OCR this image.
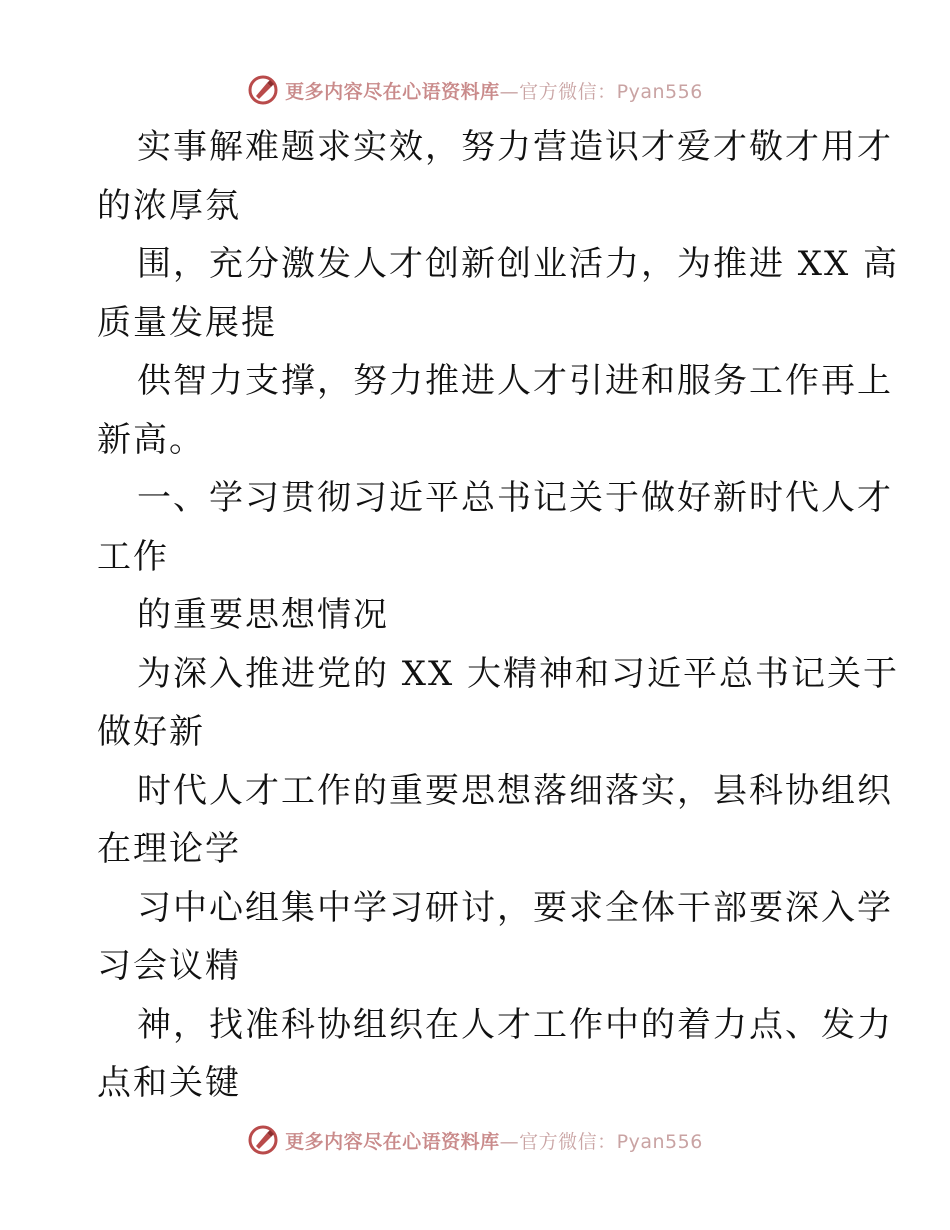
更多内容尽在心语资料库—官方微信：Pyan556
实事解难题求实效，努力营造识才爱才敬才用才
的浓厚氛
围，充分激发人才创新创业活力，为推进 XX 高
质量发展提
供智力支撑，努力推进人才引进和服务工作再上
新高。
一、学习贯彻习近平总书记关于做好新时代人才
工作
的重要思想情况
为深入推进党的 XX 大精神和习近平总书记关于
做好新
时代人才工作的重要思想落细落实，县科协组织
在理论学
习中心组集中学习研讨，要求全体干部要深入学
习会议精
神，找准科协组织在人才工作中的着力点、发力
点和关键
更多内容尽在心语资料库—官方微信：Pyan556
